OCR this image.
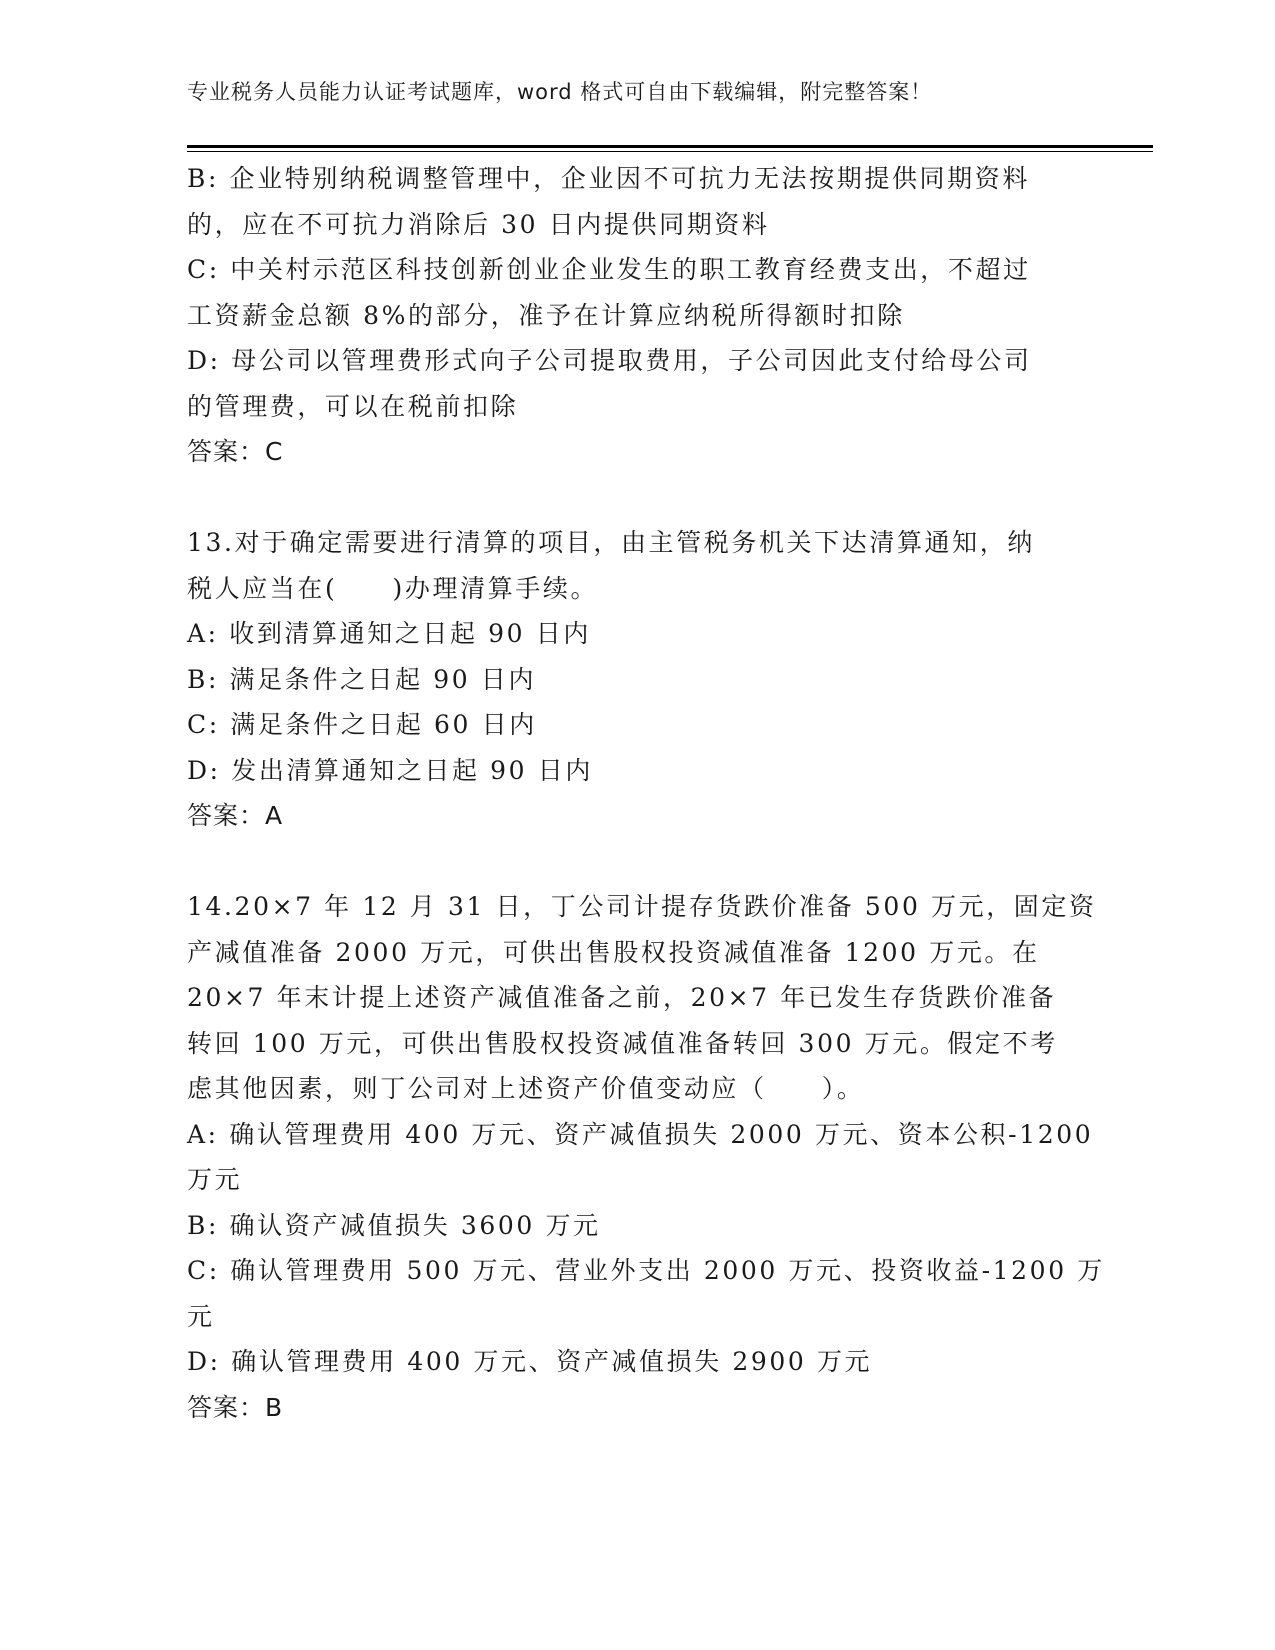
专业税务人员能力认证考试题库，word 格式可自由下载编辑，附完整答案！
B: 企业特别纳税调整管理中，企业因不可抗力无法按期提供同期资料
的，应在不可抗力消除后 30 日内提供同期资料
C: 中关村示范区科技创新创业企业发生的职工教育经费支出，不超过
工资薪金总额 8%的部分，准予在计算应纳税所得额时扣除
D: 母公司以管理费形式向子公司提取费用，子公司因此支付给母公司
的管理费，可以在税前扣除
答案：C
13.对于确定需要进行清算的项目，由主管税务机关下达清算通知，纳
税人应当在(　　)办理清算手续。
A: 收到清算通知之日起 90 日内
B: 满足条件之日起 90 日内
C: 满足条件之日起 60 日内
D: 发出清算通知之日起 90 日内
答案：A
14.20×7 年 12 月 31 日，丁公司计提存货跌价准备 500 万元，固定资
产减值准备 2000 万元，可供出售股权投资减值准备 1200 万元。在
20×7 年末计提上述资产减值准备之前，20×7 年已发生存货跌价准备
转回 100 万元，可供出售股权投资减值准备转回 300 万元。假定不考
虑其他因素，则丁公司对上述资产价值变动应（　　）。
A: 确认管理费用 400 万元、资产减值损失 2000 万元、资本公积-1200
万元
B: 确认资产减值损失 3600 万元
C: 确认管理费用 500 万元、营业外支出 2000 万元、投资收益-1200 万
元
D: 确认管理费用 400 万元、资产减值损失 2900 万元
答案：B
